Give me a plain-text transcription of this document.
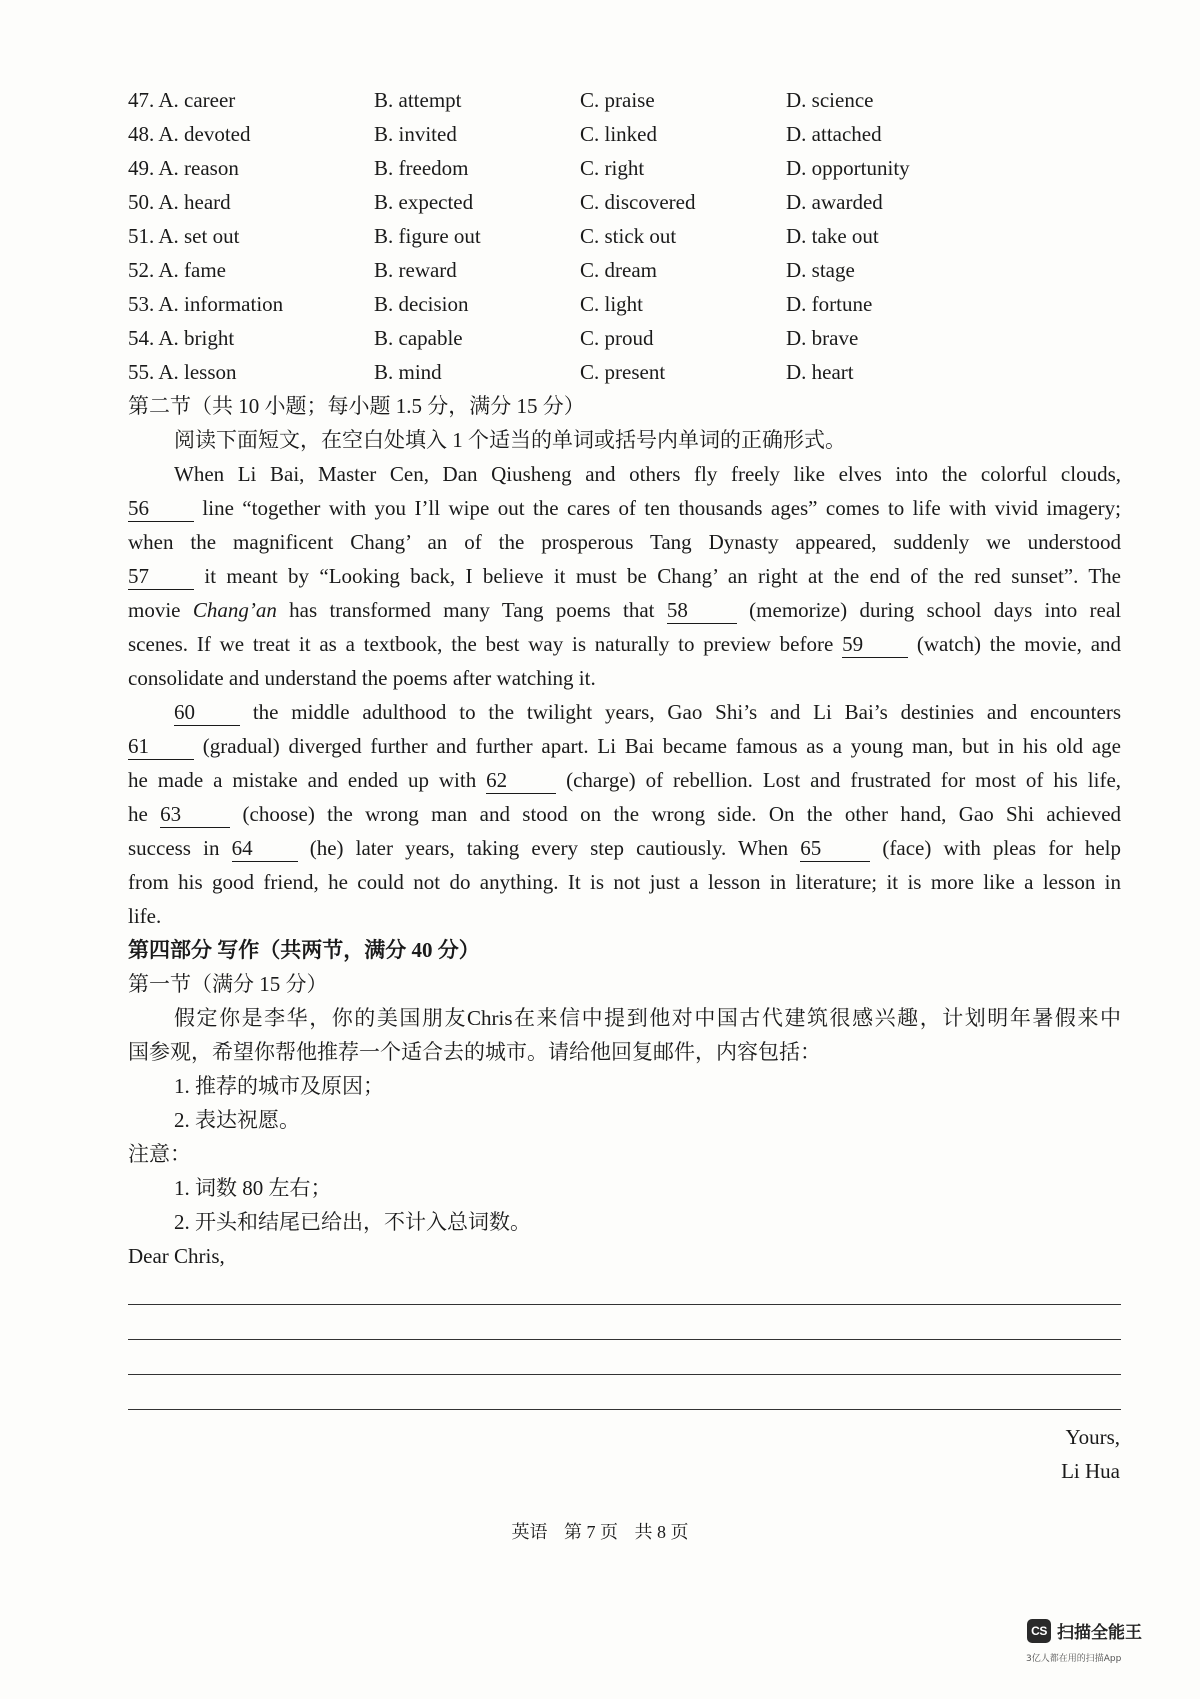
47. A. career	B. attempt	C. praise	D. science
48. A. devoted	B. invited	C. linked	D. attached
49. A. reason	B. freedom	C. right	D. opportunity
50. A. heard	B. expected	C. discovered	D. awarded
51. A. set out	B. figure out	C. stick out	D. take out
52. A. fame	B. reward	C. dream	D. stage
53. A. information	B. decision	C. light	D. fortune
54. A. bright	B. capable	C. proud	D. brave
55. A. lesson	B. mind	C. present	D. heart
第二节（共 10 小题；每小题 1.5 分，满分 15 分）
阅读下面短文，在空白处填入 1 个适当的单词或括号内单词的正确形式。
When Li Bai, Master Cen, Dan Qiusheng and others fly freely like elves into the colorful clouds,
56	line “together with you I’ll wipe out the cares of ten thousands ages” comes to life with vivid imagery;
when the magnificent Chang’ an of the prosperous Tang Dynasty appeared, suddenly we understood
57	it meant by “Looking back, I believe it must be Chang’ an right at the end of the red sunset”. The
movie Chang’an has transformed many Tang poems that 58	(memorize) during school days into real
scenes. If we treat it as a textbook, the best way is naturally to preview before 59	(watch) the movie, and
consolidate and understand the poems after watching it.
60	the middle adulthood to the twilight years, Gao Shi’s and Li Bai’s destinies and encounters
61	(gradual) diverged further and further apart. Li Bai became famous as a young man, but in his old age
he made a mistake and ended up with 62	(charge) of rebellion. Lost and frustrated for most of his life,
he 63	(choose) the wrong man and stood on the wrong side. On the other hand, Gao Shi achieved
success in 64	(he) later years, taking every step cautiously. When 65	(face) with pleas for help
from his good friend, he could not do anything. It is not just a lesson in literature; it is more like a lesson in
life.
第四部分 写作（共两节，满分 40 分）
第一节（满分 15 分）
假定你是李华，你的美国朋友Chris在来信中提到他对中国古代建筑很感兴趣，计划明年暑假来中
国参观，希望你帮他推荐一个适合去的城市。请给他回复邮件，内容包括：
1. 推荐的城市及原因；
2. 表达祝愿。
注意：
1. 词数 80 左右；
2. 开头和结尾已给出，不计入总词数。
Dear Chris,
Yours,
Li Hua
英语 第 7 页 共 8 页
CS 扫描全能王
3亿人都在用的扫描App
